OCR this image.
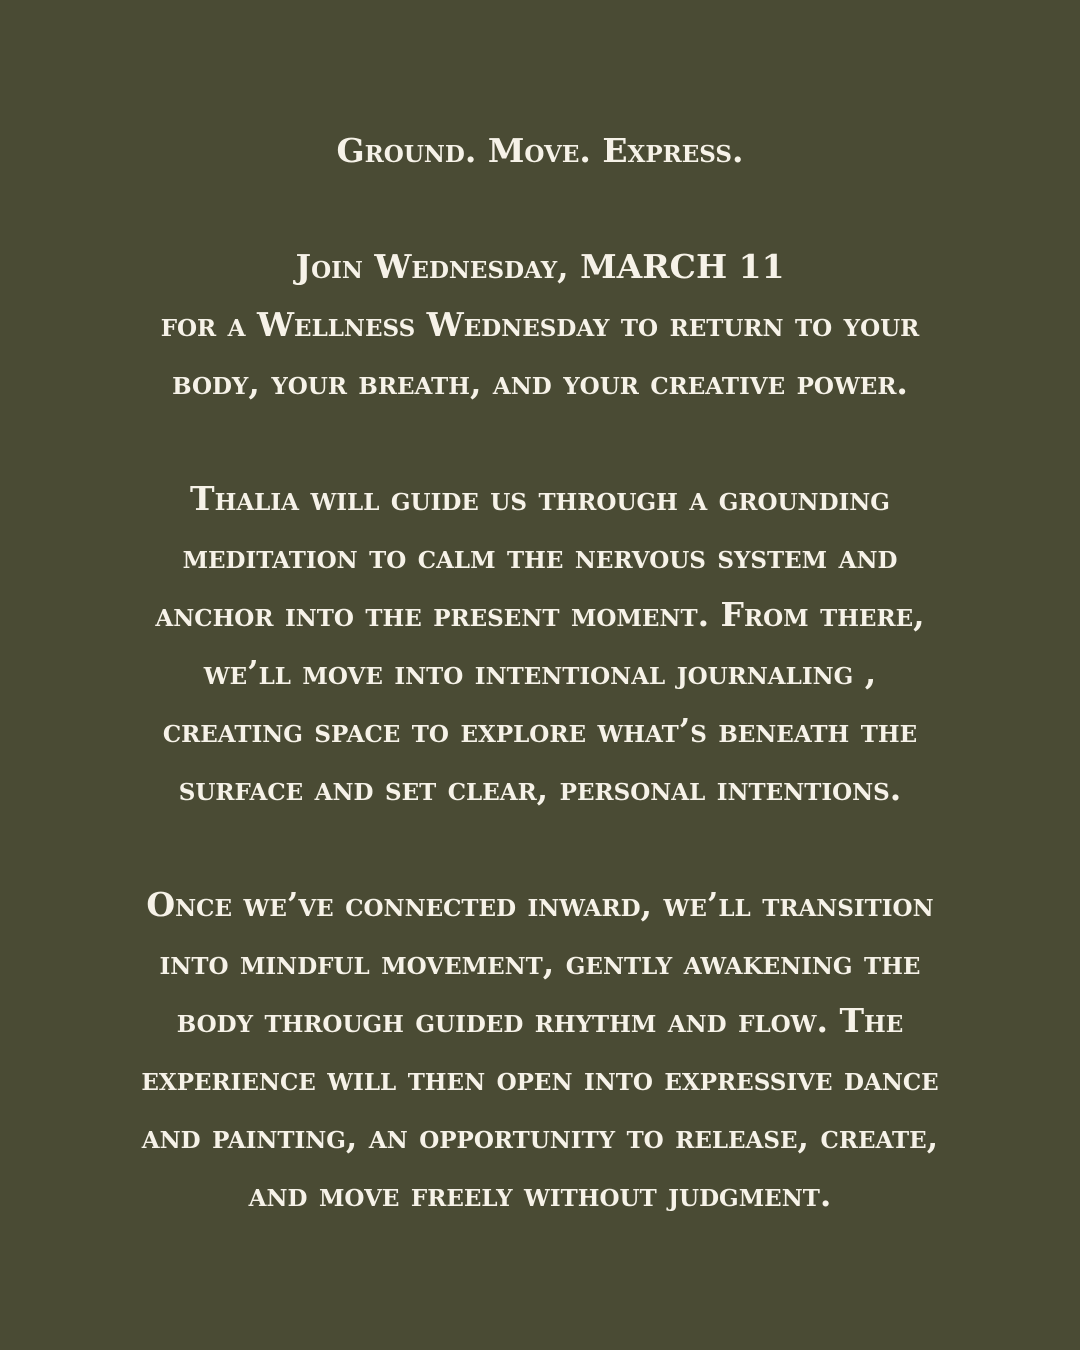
Ground. Move. Express.
Join Wednesday, MARCH 11
for a Wellness Wednesday to return to your
body, your breath, and your creative power.
Thalia will guide us through a grounding
meditation to calm the nervous system and
anchor into the present moment. From there,
we’ll move into intentional journaling ,
creating space to explore what’s beneath the
surface and set clear, personal intentions.
Once we’ve connected inward, we’ll transition
into mindful movement, gently awakening the
body through guided rhythm and flow. The
experience will then open into expressive dance
and painting, an opportunity to release, create,
and move freely without judgment.
